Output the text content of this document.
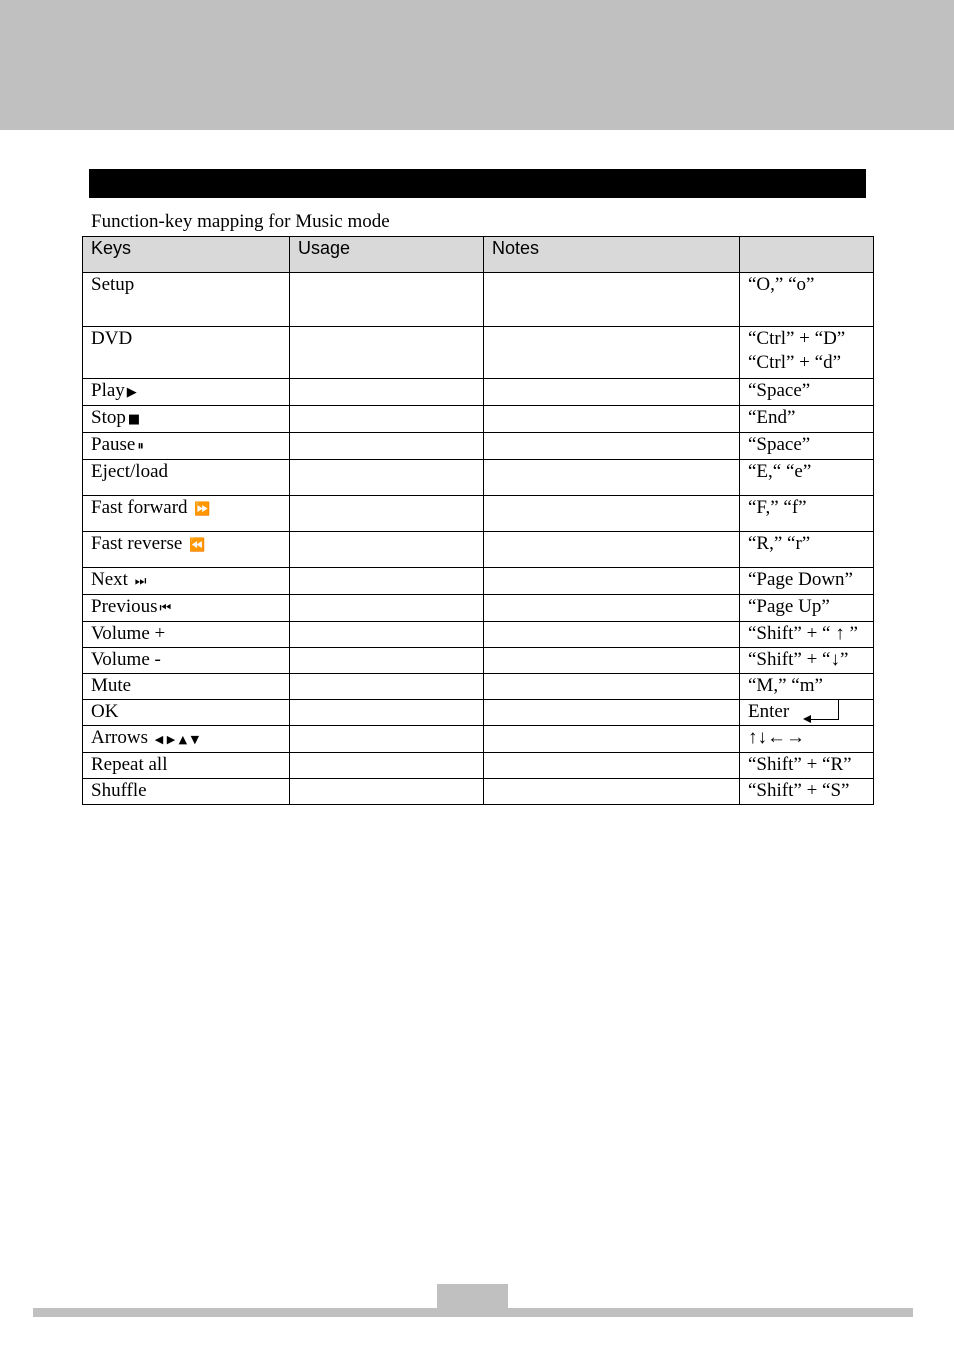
Function-key mapping for Music mode
Keys	Usage	Notes	
Setup			“O,” “o”

DVD			“Ctrl” + “D”
“Ctrl” + “d”

Play ▶			“Space”

Stop ■			“End”

Pause ⏸			“Space”

Eject/load			“E,“ “e”

Fast forward ⏩			“F,” “f”

Fast reverse ⏪			“R,” “r”

Next ⏭			“Page Down”

Previous ⏮			“Page Up”

Volume +			“Shift” + “ ↑ ”

Volume -			“Shift” + “↓”

Mute			“M,” “m”

OK			Enter

Arrows ◀ ▶ ▲ ▼			↑↓←→

Repeat all			“Shift” + “R”

Shuffle			“Shift” + “S”
